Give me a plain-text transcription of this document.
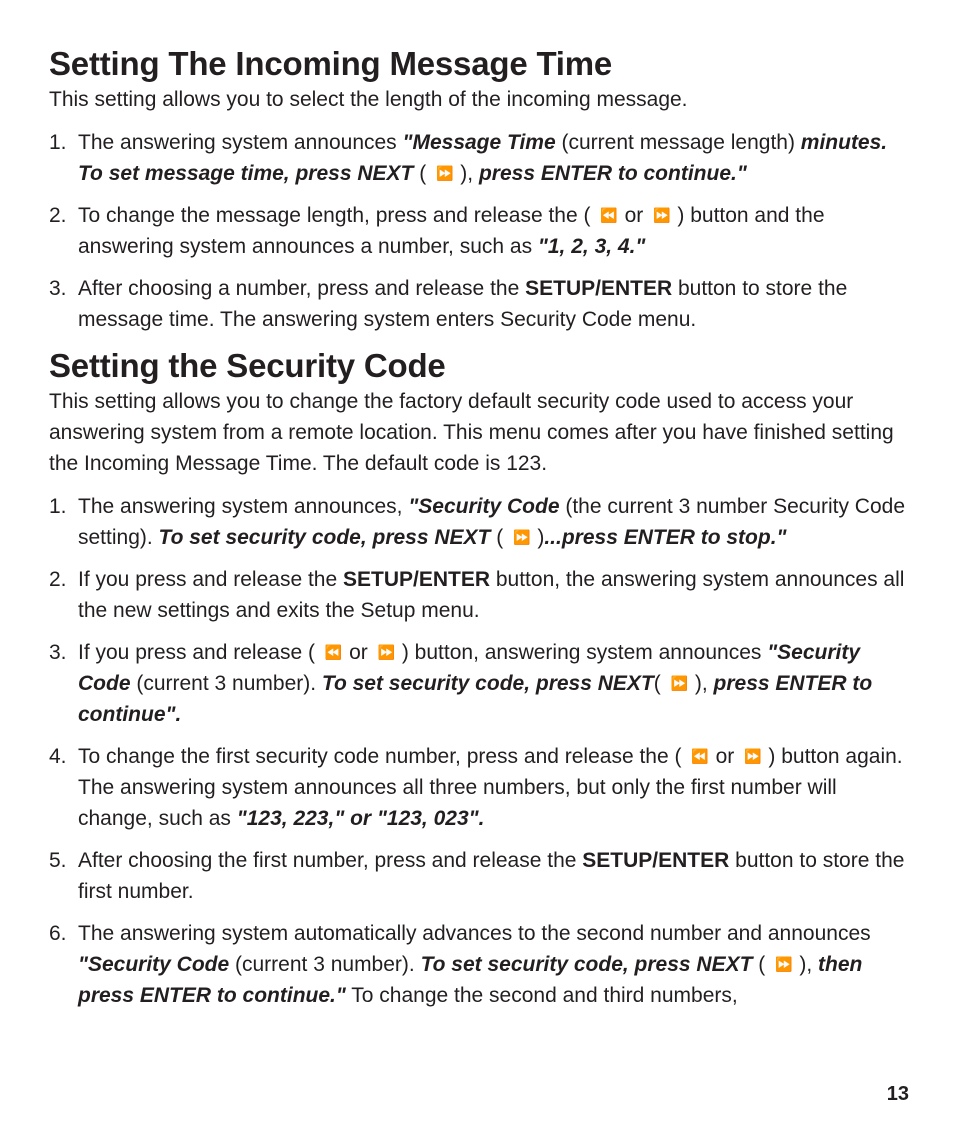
Setting The Incoming Message Time

This setting allows you to select the length of the incoming message.

1. The answering system announces "Message Time (current message length) minutes. To set message time, press NEXT ( ⏩ ), press ENTER to continue."
2. To change the message length, press and release the ( ⏪ or ⏩ ) button and the answering system announces a number, such as "1, 2, 3, 4."
3. After choosing a number, press and release the SETUP/ENTER button to store the message time. The answering system enters Security Code menu.
Setting the Security Code

This setting allows you to change the factory default security code used to access your answering system from a remote location. This menu comes after you have finished setting the Incoming Message Time. The default code is 123.

1. The answering system announces, "Security Code (the current 3 number Security Code setting). To set security code, press NEXT ( ⏩ )...press ENTER to stop."
2. If you press and release the SETUP/ENTER button, the answering system announces all the new settings and exits the Setup menu.
3. If you press and release ( ⏪ or ⏩ ) button, answering system announces "Security Code (current 3 number). To set security code, press NEXT( ⏩ ), press ENTER to continue".
4. To change the first security code number, press and release the ( ⏪ or ⏩ ) button again. The answering system announces all three numbers, but only the first number will change, such as "123, 223," or "123, 023".
5. After choosing the first number, press and release the SETUP/ENTER button to store the first number.
6. The answering system automatically advances to the second number and announces "Security Code (current 3 number). To set security code, press NEXT ( ⏩ ), then press ENTER to continue." To change the second and third numbers,
13
